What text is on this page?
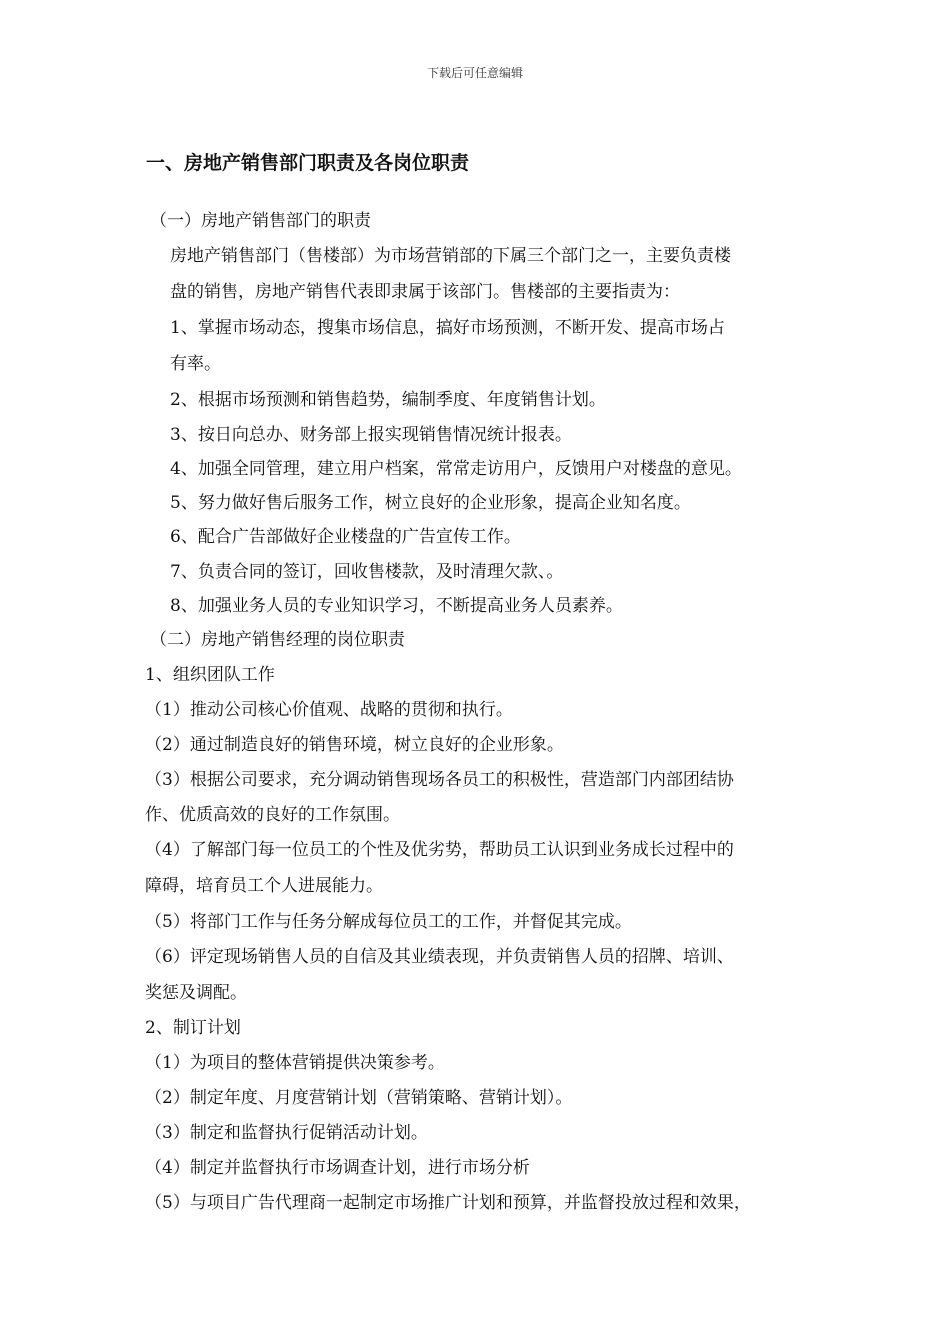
下载后可任意编辑
一、房地产销售部门职责及各岗位职责
（一）房地产销售部门的职责
房地产销售部门（售楼部）为市场营销部的下属三个部门之一，主要负责楼
盘的销售，房地产销售代表即隶属于该部门。售楼部的主要指责为：
1、掌握市场动态，搜集市场信息，搞好市场预测，不断开发、提高市场占
有率。
2、根据市场预测和销售趋势，编制季度、年度销售计划。
3、按日向总办、财务部上报实现销售情况统计报表。
4、加强全同管理，建立用户档案，常常走访用户，反馈用户对楼盘的意见。
5、努力做好售后服务工作，树立良好的企业形象，提高企业知名度。
6、配合广告部做好企业楼盘的广告宣传工作。
7、负责合同的签订，回收售楼款，及时清理欠款、。
8、加强业务人员的专业知识学习，不断提高业务人员素养。
（二）房地产销售经理的岗位职责
1、组织团队工作
（1）推动公司核心价值观、战略的贯彻和执行。
（2）通过制造良好的销售环境，树立良好的企业形象。
（3）根据公司要求，充分调动销售现场各员工的积极性，营造部门内部团结协
作、优质高效的良好的工作氛围。
（4）了解部门每一位员工的个性及优劣势，帮助员工认识到业务成长过程中的
障碍，培育员工个人进展能力。
（5）将部门工作与任务分解成每位员工的工作，并督促其完成。
（6）评定现场销售人员的自信及其业绩表现，并负责销售人员的招牌、培训、
奖惩及调配。
2、制订计划
（1）为项目的整体营销提供决策参考。
（2）制定年度、月度营销计划（营销策略、营销计划）。
（3）制定和监督执行促销活动计划。
（4）制定并监督执行市场调查计划，进行市场分析
（5）与项目广告代理商一起制定市场推广计划和预算，并监督投放过程和效果，
